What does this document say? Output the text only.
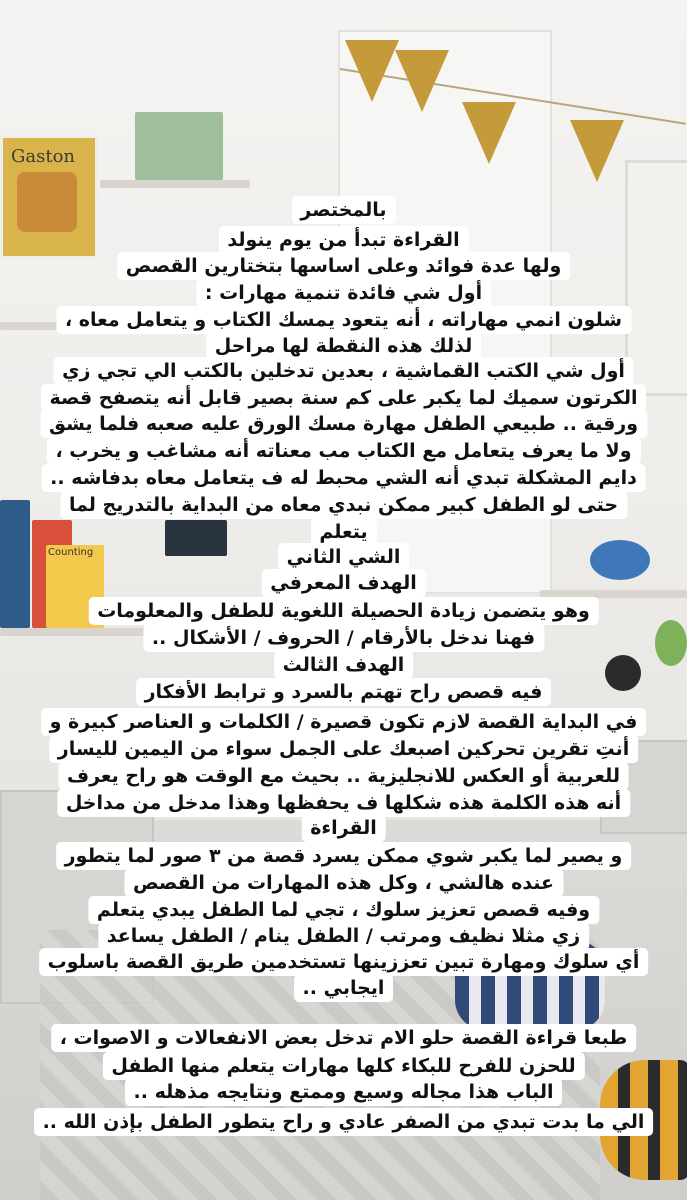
Gaston
Counting
بالمختصر
القراءة تبدأ من يوم ينولد
ولها عدة فوائد وعلى اساسها بتختارين القصص
أول شي فائدة تنمية مهارات :
شلون انمي مهاراته ، أنه يتعود يمسك الكتاب و يتعامل معاه ،
لذلك هذه النقطة لها مراحل
أول شي الكتب القماشية ، بعدين تدخلين بالكتب الي تجي زي
الكرتون سميك لما يكبر على كم سنة بصير قابل أنه يتصفح قصة
ورقية .. طبيعي الطفل مهارة مسك الورق عليه صعبه فلما يشق
ولا ما يعرف يتعامل مع الكتاب مب معناته أنه مشاغب و يخرب ،
دايم المشكلة تبدي أنه الشي محبط له ف يتعامل معاه بدفاشه ..
حتى لو الطفل كبير ممكن نبدي معاه من البداية بالتدريج لما
يتعلم
الشي الثاني
الهدف المعرفي
وهو يتضمن زيادة الحصيلة اللغوية للطفل والمعلومات
فهنا ندخل بالأرقام / الحروف / الأشكال ..
الهدف الثالث
فيه قصص راح تهتم بالسرد و ترابط الأفكار
في البداية القصة لازم تكون قصيرة / الكلمات و العناصر كبيرة و
أنتِ تقرين تحركين اصبعك على الجمل سواء من اليمين لليسار
للعربية أو العكس للانجليزية .. بحيث مع الوقت هو راح يعرف
أنه هذه الكلمة هذه شكلها ف يحفظها وهذا مدخل من مداخل
القراءة
و يصير لما يكبر شوي ممكن يسرد قصة من ٣ صور لما يتطور
عنده هالشي ، وكل هذه المهارات من القصص
وفيه قصص تعزيز سلوك ، تجي لما الطفل يبدي يتعلم
زي مثلا نظيف ومرتب / الطفل ينام / الطفل يساعد
أي سلوك ومهارة تبين تعززينها تستخدمين طريق القصة باسلوب
ايجابي ..
طبعا قراءة القصة حلو الام تدخل بعض الانفعالات و الاصوات ،
للحزن للفرح للبكاء كلها مهارات يتعلم منها الطفل
الباب هذا مجاله وسيع وممتع ونتايجه مذهله ..
الي ما بدت تبدي من الصفر عادي و راح يتطور الطفل بإذن الله ..
